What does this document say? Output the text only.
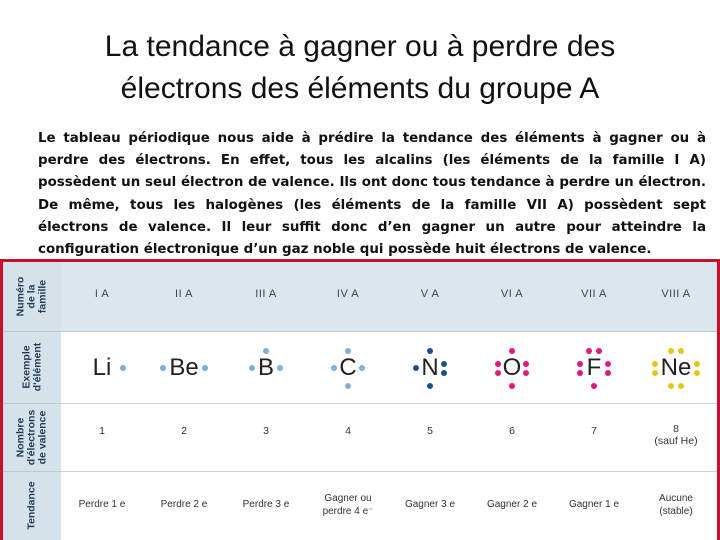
La tendance à gagner ou à perdre des
électrons des éléments du groupe A
Le tableau périodique nous aide à prédire la tendance des éléments à gagner ou à perdre des électrons. En effet, tous les alcalins (les éléments de la famille I A) possèdent un seul électron de valence. Ils ont donc tous tendance à perdre un électron. De même, tous les halogènes (les éléments de la famille VII A) possèdent sept électrons de valence. Il leur suffit donc d’en gagner un autre pour atteindre la configuration électronique d’un gaz noble qui possède huit électrons de valence.
Numéro
de la
famille
Exemple
d'élément
Nombre
d'électrons
de valence
Tendance
I A
Li
1
Perdre 1 e
II A
Be
2
Perdre 2 e
III A
B
3
Perdre 3 e
IV A
C
4
Gagner ou
perdre 4 e⁻
V A
N
5
Gagner 3 e
VI A
O
6
Gagner 2 e
VII A
F
7
Gagner 1 e
VIII A
Ne
8
(sauf He)
Aucune
(stable)
